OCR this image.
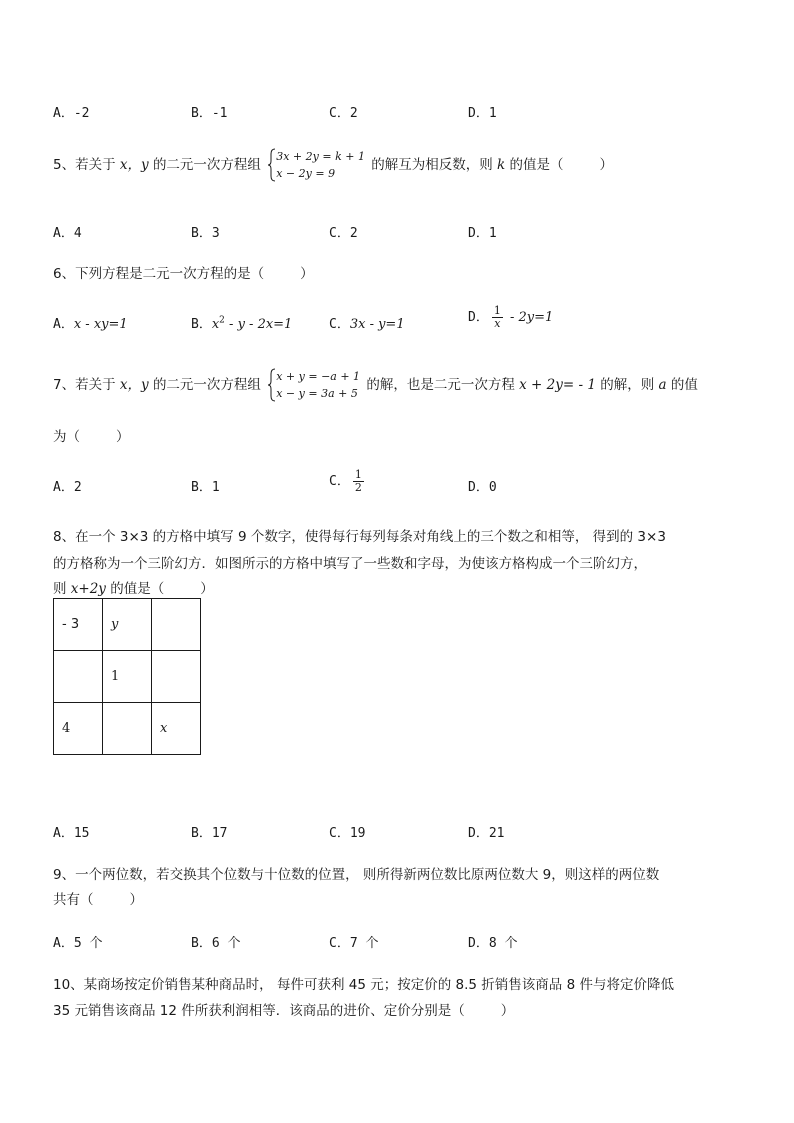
A．-2	B．-1	C．2	D．1
5、若关于 x，y 的二元一次方程组
3x + 2y = k + 1
x − 2y = 9
的解互为相反数，则 k 的值是（	）
A．4	B．3	C．2	D．1
6、下列方程是二元一次方程的是（	）
A．x - xy=1	B．$x^2 - y - 2x=1$	C．3x - y=1	D． $\frac{1}{x} - 2y=1$
7、若关于 x，y 的二元一次方程组
x + y = −a + 1
x − y = 3a + 5
的解，也是二元一次方程 x + 2y= - 1 的解，则 a 的值
为（	）
A．2	B．1	C． $\frac{1}{2}$	D．0
8、在一个 3×3 的方格中填写 9 个数字，使得每行每列每条对角线上的三个数之和相等， 得到的 3×3
的方格称为一个三阶幻方．如图所示的方格中填写了一些数和字母，为使该方格构成一个三阶幻方，
则 x+2y 的值是（	）
- 3	y	
	1	
4		x
A．15	B．17	C．19	D．21
9、一个两位数，若交换其个位数与十位数的位置， 则所得新两位数比原两位数大 9，则这样的两位数
共有（	）
A．5 个	B．6 个	C．7 个	D．8 个
10、某商场按定价销售某种商品时， 每件可获利 45 元；按定价的 8.5 折销售该商品 8 件与将定价降低
35 元销售该商品 12 件所获利润相等．该商品的进价、定价分别是（	）
